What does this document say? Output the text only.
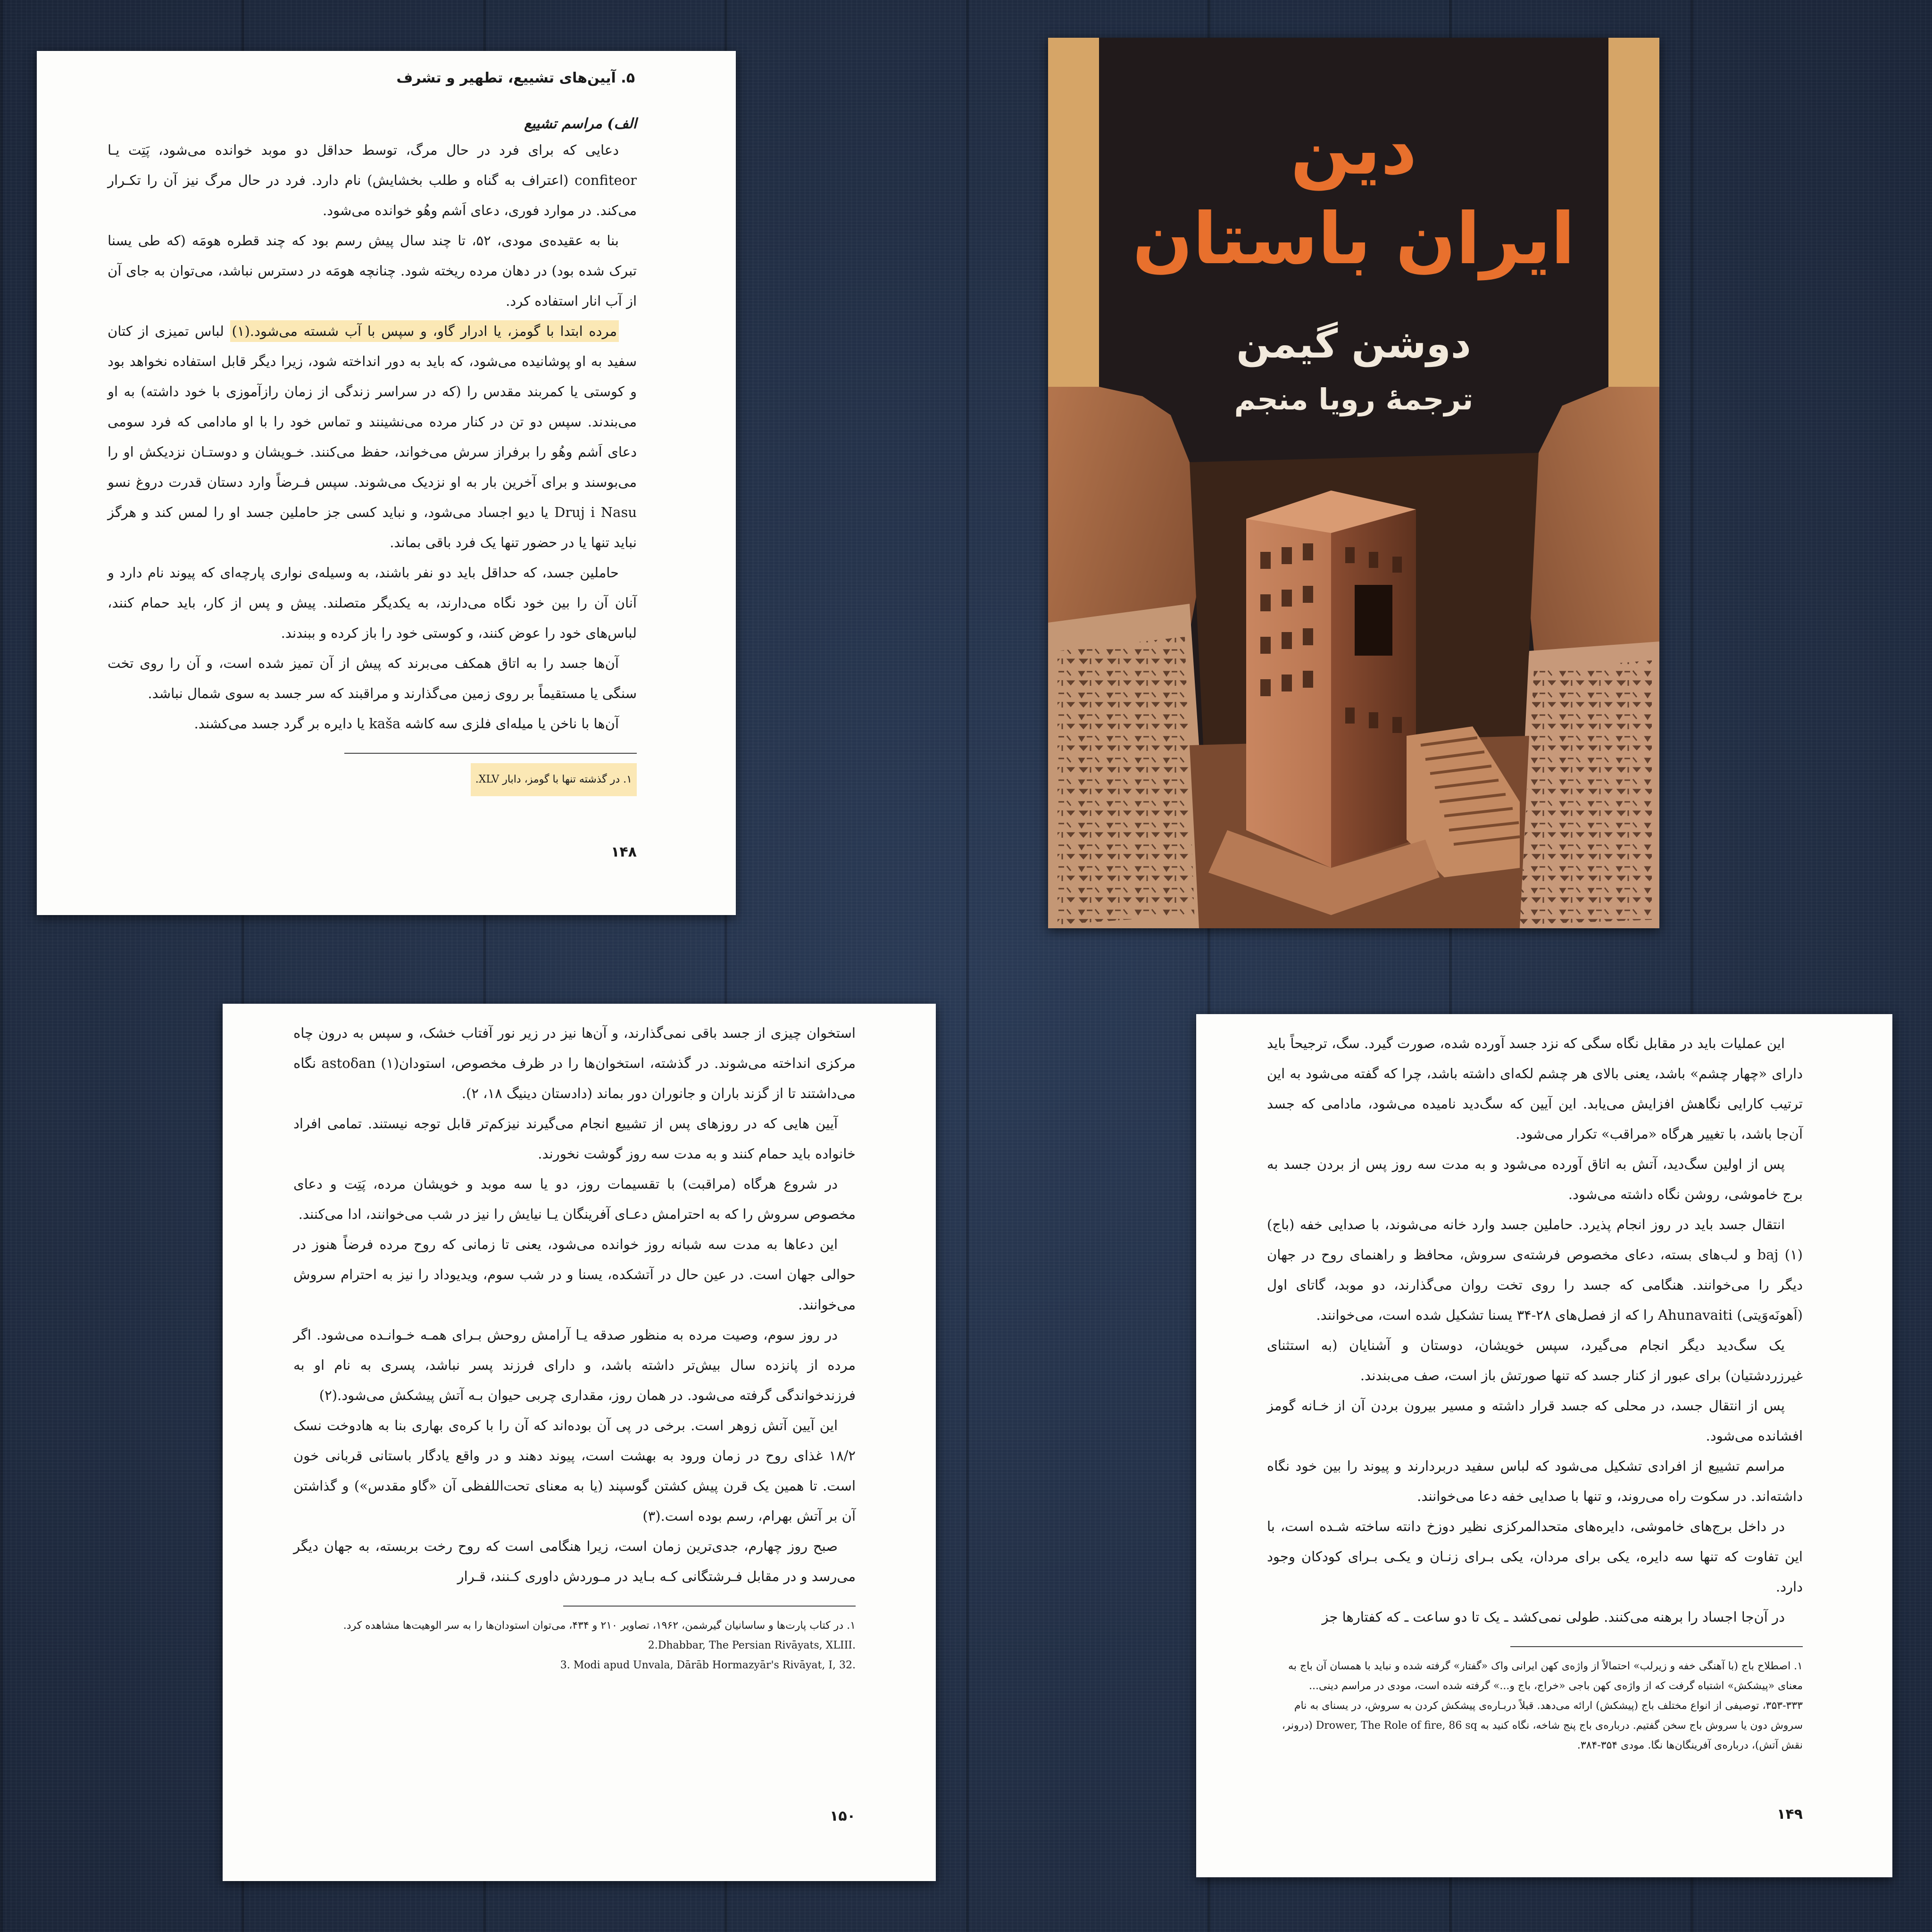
۵. آیین‌های تشییع، تطهیر و تشرف
الف) مراسم تشییع

دعایی که برای فرد در حال مرگ، توسط حداقل دو موبد خوانده می‌شود، پَتِت یـا confiteor (اعتراف به گناه و طلب بخشایش) نام دارد. فرد در حال مرگ نیز آن را تکـرار می‌کند. در موارد فوری، دعای اَشم وهُو خوانده می‌شود.

بنا به عقیده‌ی مودی، ۵۲، تا چند سال پیش رسم بود که چند قطره هومَه (که طی یسنا تبرک شده بود) در دهان مرده ریخته شود. چنانچه هومَه در دسترس نباشد، می‌توان به جای آن از آب انار استفاده کرد.

مرده ابتدا با گومز، یا ادرار گاو، و سپس با آب شسته می‌شود.(۱) لباس تمیزی از کتان سفید به او پوشانیده می‌شود، که باید به دور انداخته شود، زیرا دیگر قابل استفاده نخواهد بود و کوستی یا کمربند مقدس را (که در سراسر زندگی از زمان رازآموزی با خود داشته) به او می‌بندند. سپس دو تن در کنار مرده می‌نشینند و تماس خود را با او مادامی که فرد سومی دعای اَشم وهُو را برفراز سرش می‌خواند، حفظ می‌کنند. خـویشان و دوستـان نزدیکش او را می‌بوسند و برای آخرین بار به او نزدیک می‌شوند. سپس فـرضاً وارد دستان قدرت دروغ نسو Druj i Nasu یا دیو اجساد می‌شود، و نباید کسی جز حاملین جسد او را لمس کند و هرگز نباید تنها یا در حضور تنها یک فرد باقی بماند.

حاملین جسد، که حداقل باید دو نفر باشند، به وسیله‌ی نواری پارچه‌ای که پیوند نام دارد و آنان آن را بین خود نگاه می‌دارند، به یکدیگر متصلند. پیش و پس از کار، باید حمام کنند، لباس‌های خود را عوض کنند، و کوستی خود را باز کرده و ببندند.

آن‌ها جسد را به اتاق همکف می‌برند که پیش از آن تمیز شده است، و آن را روی تخت سنگی یا مستقیماً بر روی زمین می‌گذارند و مراقبند که سر جسد به سوی شمال نباشد.

آن‌ها با ناخن یا میله‌ای فلزی سه کاشه kaša یا دایره بر گرد جسد می‌کشند.

۱. در گذشته تنها با گومز، دابار XLV.

۱۴۸
دین
ایران باستان
دوشن گیمن
ترجمهٔ رویا منجم

استخوان چیزی از جسد باقی نمی‌گذارند، و آن‌ها نیز در زیر نور آفتاب خشک، و سپس به درون چاه مرکزی انداخته می‌شوند. در گذشته، استخوان‌ها را در ظرف مخصوص، استودان(۱) astoδan نگاه می‌داشتند تا از گزند باران و جانوران دور بماند (دادستان دینیگ ۱۸، ۲).

آیین هایی که در روزهای پس از تشییع انجام می‌گیرند نیزکم‌تر قابل توجه نیستند. تمامی افراد خانواده باید حمام کنند و به مدت سه روز گوشت نخورند.

در شروع هرگاه (مراقبت) با تقسیمات روز، دو یا سه موبد و خویشان مرده، پَتِت و دعای مخصوص سروش را که به احترامش دعـای آفرینگان یـا نیایش را نیز در شب می‌خوانند، ادا می‌کنند.

این دعاها به مدت سه شبانه روز خوانده می‌شود، یعنی تا زمانی که روح مرده فرضاً هنوز در حوالی جهان است. در عین حال در آتشکده، یسنا و در شب سوم، ویدیوداد را نیز به احترام سروش می‌خوانند.

در روز سوم، وصیت مرده به منظور صدقه یـا آرامش روحش بـرای همـه خـوانـده می‌شود. اگر مرده از پانزده سال بیش‌تر داشته باشد، و دارای فرزند پسر نباشد، پسری به نام او به فرزندخواندگی گرفته می‌شود. در همان روز، مقداری چربی حیوان بـه آتش پیشکش می‌شود.(۲)

این آیین آتش زوهر است. برخی در پی آن بوده‌اند که آن را با کره‌ی بهاری بنا به هادوخت نسک ۱۸/۲ غذای روح در زمان ورود به بهشت است، پیوند دهند و در واقع یادگار باستانی قربانی خون است. تا همین یک قرن پیش کشتن گوسپند (یا به معنای تحت‌اللفظی آن «گاو مقدس») و گذاشتن آن بر آتش بهرام، رسم بوده است.(۳)

صبح روز چهارم، جدی‌ترین زمان است، زیرا هنگامی است که روح رخت بربسته، به جهان دیگر می‌رسد و در مقابل فـرشتگانی کـه بـاید در مـوردش داوری کـنند، قـرار

۱. در کتاب پارت‌ها و ساسانیان گیرشمن، ۱۹۶۲، تصاویر ۲۱۰ و ۴۳۴، می‌توان استودان‌ها را به سر الوهیت‌ها مشاهده کرد.

2.Dhabbar, The Persian Rivāyats, XLIII.

3. Modi apud Unvala, Dārāb Hormazyār's Rivāyat, I, 32.

۱۵۰

این عملیات باید در مقابل نگاه سگی که نزد جسد آورده شده، صورت گیرد. سگ، ترجیحاً باید دارای «چهار چشم» باشد، یعنی بالای هر چشم لکه‌ای داشته باشد، چرا که گفته می‌شود به این ترتیب کارایی نگاهش افزایش می‌یابد. این آیین که سگ‌دید نامیده می‌شود، مادامی که جسد آن‌جا باشد، با تغییر هرگاه «مراقب» تکرار می‌شود.

پس از اولین سگ‌دید، آتش به اتاق آورده می‌شود و به مدت سه روز پس از بردن جسد به برج خاموشی، روشن نگاه داشته می‌شود.

انتقال جسد باید در روز انجام پذیرد. حاملین جسد وارد خانه می‌شوند، با صدایی خفه (باج)(۱) baj و لب‌های بسته، دعای مخصوص فرشته‌ی سروش، محافظ و راهنمای روح در جهان دیگر را می‌خوانند. هنگامی که جسد را روی تخت روان می‌گذارند، دو موبد، گاتای اول (اَهونَه‌وَیتی) Ahunavaiti را که از فصل‌های ۲۸-۳۴ یسنا تشکیل شده است، می‌خوانند.

یک سگ‌دید دیگر انجام می‌گیرد، سپس خویشان، دوستان و آشنایان (به استثنای غیرزردشتیان) برای عبور از کنار جسد که تنها صورتش باز است، صف می‌بندند.

پس از انتقال جسد، در محلی که جسد قرار داشته و مسیر بیرون بردن آن از خـانه گومز افشانده می‌شود.

مراسم تشییع از افرادی تشکیل می‌شود که لباس سفید دربردارند و پیوند را بین خود نگاه داشته‌اند. در سکوت راه می‌روند، و تنها با صدایی خفه دعا می‌خوانند.

در داخل برج‌های خاموشی، دایره‌های متحدالمرکزی نظیر دوزخ دانته ساخته شـده است، با این تفاوت که تنها سه دایره، یکی برای مردان، یکی بـرای زنـان و یکـی بـرای کودکان وجود دارد.

در آن‌جا اجساد را برهنه می‌کنند. طولی نمی‌کشد ـ یک تا دو ساعت ـ که کفتارها جز

۱. اصطلاح باج (با آهنگی خفه و زیرلب» احتمالاً از واژه‌ی کهن ایرانی واک «گفتار» گرفته شده و نباید با همسان آن باج به معنای «پیشکش» اشتباه گرفت که از واژه‌ی کهن باجی «خراج، باج و...» گرفته شده است، مودی در مراسم دینی... ۳۳۳-۳۵۳، توصیفی از انواع مختلف باج (پیشکش) ارائه می‌دهد. قبلاً دربـاره‌ی پیشکش کردن به سروش، در یسنای به نام سروش دون یا سروش باج سخن گفتیم. درباره‌ی باج پنج شاخه، نگاه کنید به Drower, The Role of fire, 86 sq (درونر، نقش آتش)، درباره‌ی آفرینگان‌ها نگا. مودی ۳۵۴-۳۸۴.

۱۴۹
